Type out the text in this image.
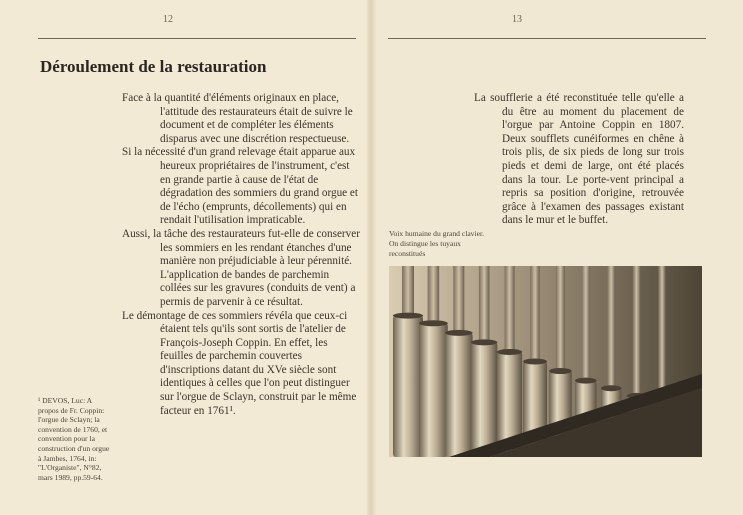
12	13
Déroulement de la restauration

Face à la quantité d'éléments originaux en place, l'attitude des restaurateurs était de suivre le document et de compléter les éléments disparus avec une discrétion respectueuse.

Si la nécessité d'un grand relevage était apparue aux heureux propriétaires de l'instrument, c'est en grande partie à cause de l'état de dégradation des sommiers du grand orgue et de l'écho (emprunts, décollements) qui en rendait l'utilisation impraticable.

Aussi, la tâche des restaurateurs fut-elle de conserver les sommiers en les rendant étanches d'une manière non préjudiciable à leur pérennité. L'application de bandes de parchemin collées sur les gravures (conduits de vent) a permis de parvenir à ce résultat.

Le démontage de ces sommiers révéla que ceux-ci étaient tels qu'ils sont sortis de l'atelier de François-Joseph Coppin. En effet, les feuilles de parchemin couvertes d'inscriptions datant du XVe siècle sont identiques à celles que l'on peut distinguer sur l'orgue de Sclayn, construit par le même facteur en 1761¹.

¹ DEVOS, Luc: A propos de Fr. Coppin: l'orgue de Sclayn; la convention de 1760, et convention pour la construction d'un orgue à Jambes, 1764, in: "L'Organiste", N°82, mars 1989, pp.59-64.

La soufflerie a été reconstituée telle qu'elle a du être au moment du placement de l'orgue par Antoine Coppin en 1807. Deux soufflets cunéiformes en chêne à trois plis, de six pieds de long sur trois pieds et demi de large, ont été placés dans la tour. Le porte-vent principal a repris sa position d'origine, retrouvée grâce à l'examen des passages existant dans le mur et le buffet.

Voix humaine du grand clavier.

On distingue les tuyaux

reconstitués
